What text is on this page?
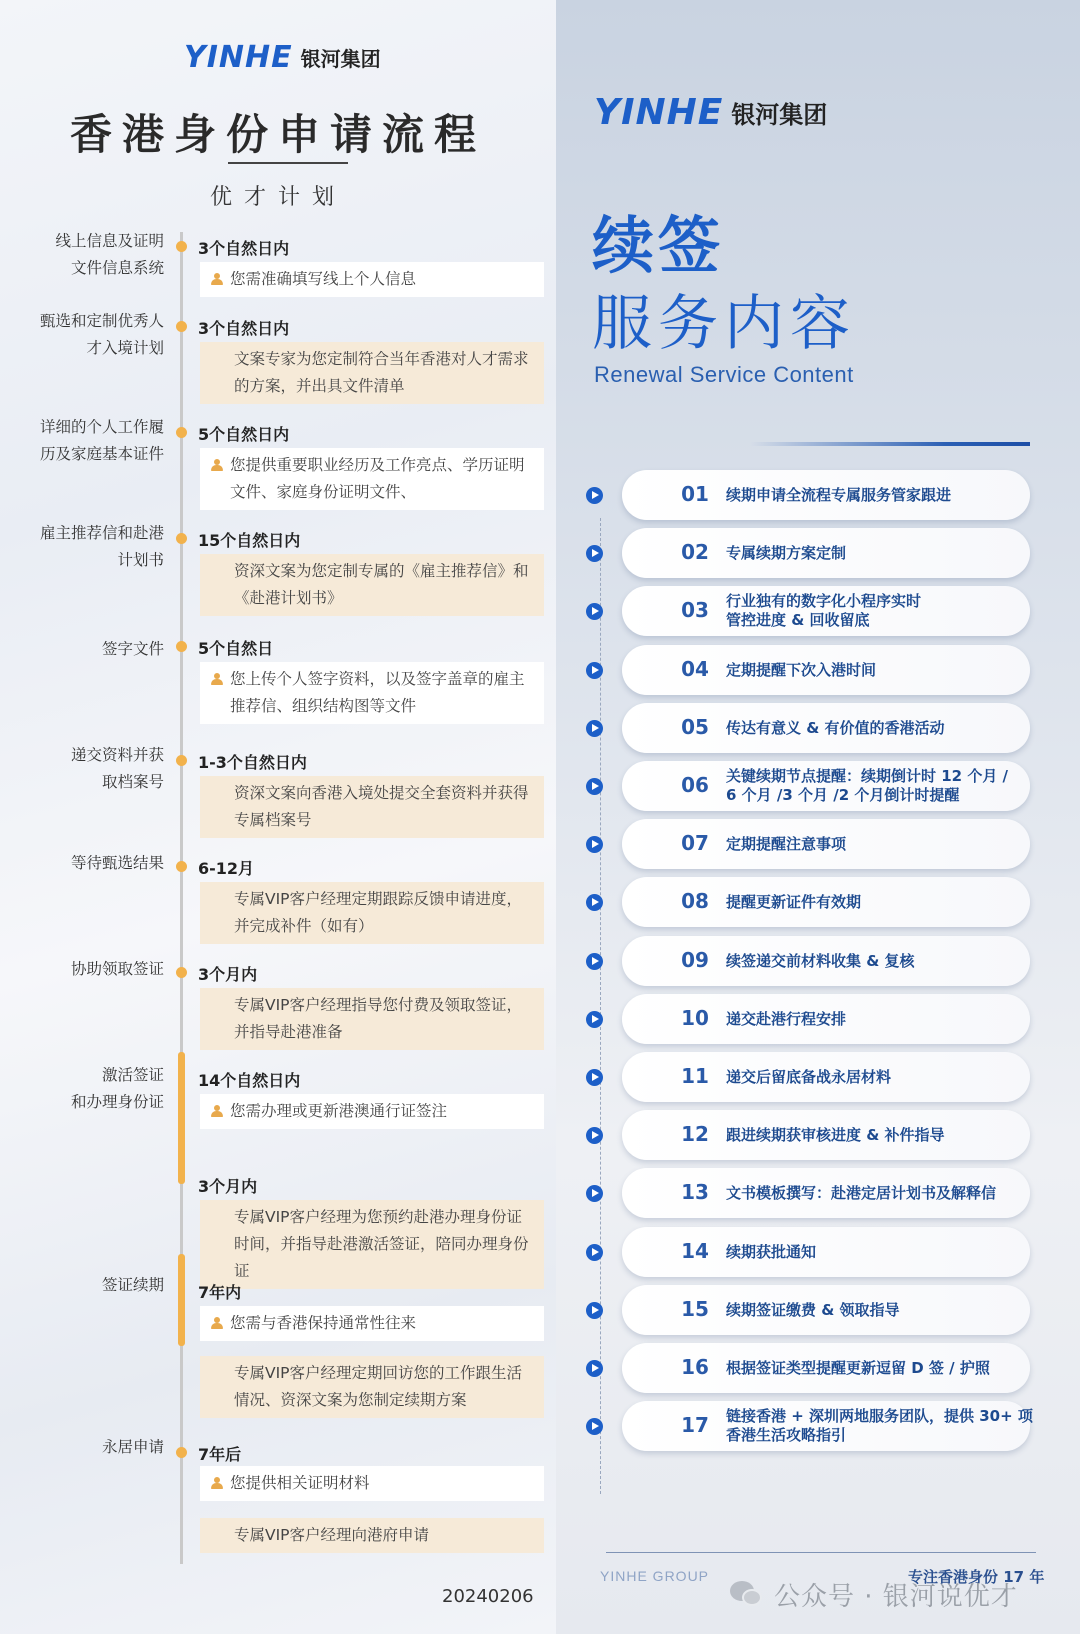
YINHE 银河集团
香港身份申请流程
优才计划
线上信息及证明
文件信息系统
3个自然日内
您需准确填写线上个人信息
甄选和定制优秀人
才入境计划
3个自然日内
文案专家为您定制符合当年香港对人才需求的方案，并出具文件清单
详细的个人工作履
历及家庭基本证件
5个自然日内
您提供重要职业经历及工作亮点、学历证明文件、家庭身份证明文件、
雇主推荐信和赴港
计划书
15个自然日内
资深文案为您定制专属的《雇主推荐信》和《赴港计划书》
签字文件 5个自然日
您上传个人签字资料，以及签字盖章的雇主推荐信、组织结构图等文件
递交资料并获
取档案号
1-3个自然日内
资深文案向香港入境处提交全套资料并获得专属档案号
等待甄选结果 6-12月
专属VIP客户经理定期跟踪反馈申请进度，并完成补件（如有）
协助领取签证 3个月内
专属VIP客户经理指导您付费及领取签证，并指导赴港准备
激活签证
和办理身份证
14个自然日内
您需办理或更新港澳通行证签注
3个月内
专属VIP客户经理为您预约赴港办理身份证时间，并指导赴港激活签证，陪同办理身份证
签证续期 7年内
您需与香港保持通常性往来
专属VIP客户经理定期回访您的工作跟生活情况、资深文案为您制定续期方案
永居申请 7年后
您提供相关证明材料
专属VIP客户经理向港府申请
20240206
YINHE 银河集团
续签
服务内容
Renewal Service Content
01 续期申请全流程专属服务管家跟进
02 专属续期方案定制
03 行业独有的数字化小程序实时
管控进度 & 回收留底
04 定期提醒下次入港时间
05 传达有意义 & 有价值的香港活动
06 关键续期节点提醒：续期倒计时 12 个月 /
6 个月 /3 个月 /2 个月倒计时提醒
07 定期提醒注意事项
08 提醒更新证件有效期
09 续签递交前材料收集 & 复核
10 递交赴港行程安排
11 递交后留底备战永居材料
12 跟进续期获审核进度 & 补件指导
13 文书模板撰写：赴港定居计划书及解释信
14 续期获批通知
15 续期签证缴费 & 领取指导
16 根据签证类型提醒更新逗留 D 签 / 护照
17 链接香港 + 深圳两地服务团队，提供 30+ 项
香港生活攻略指引
YINHE GROUP	专注香港身份 17 年
公众号 · 银河说优才
